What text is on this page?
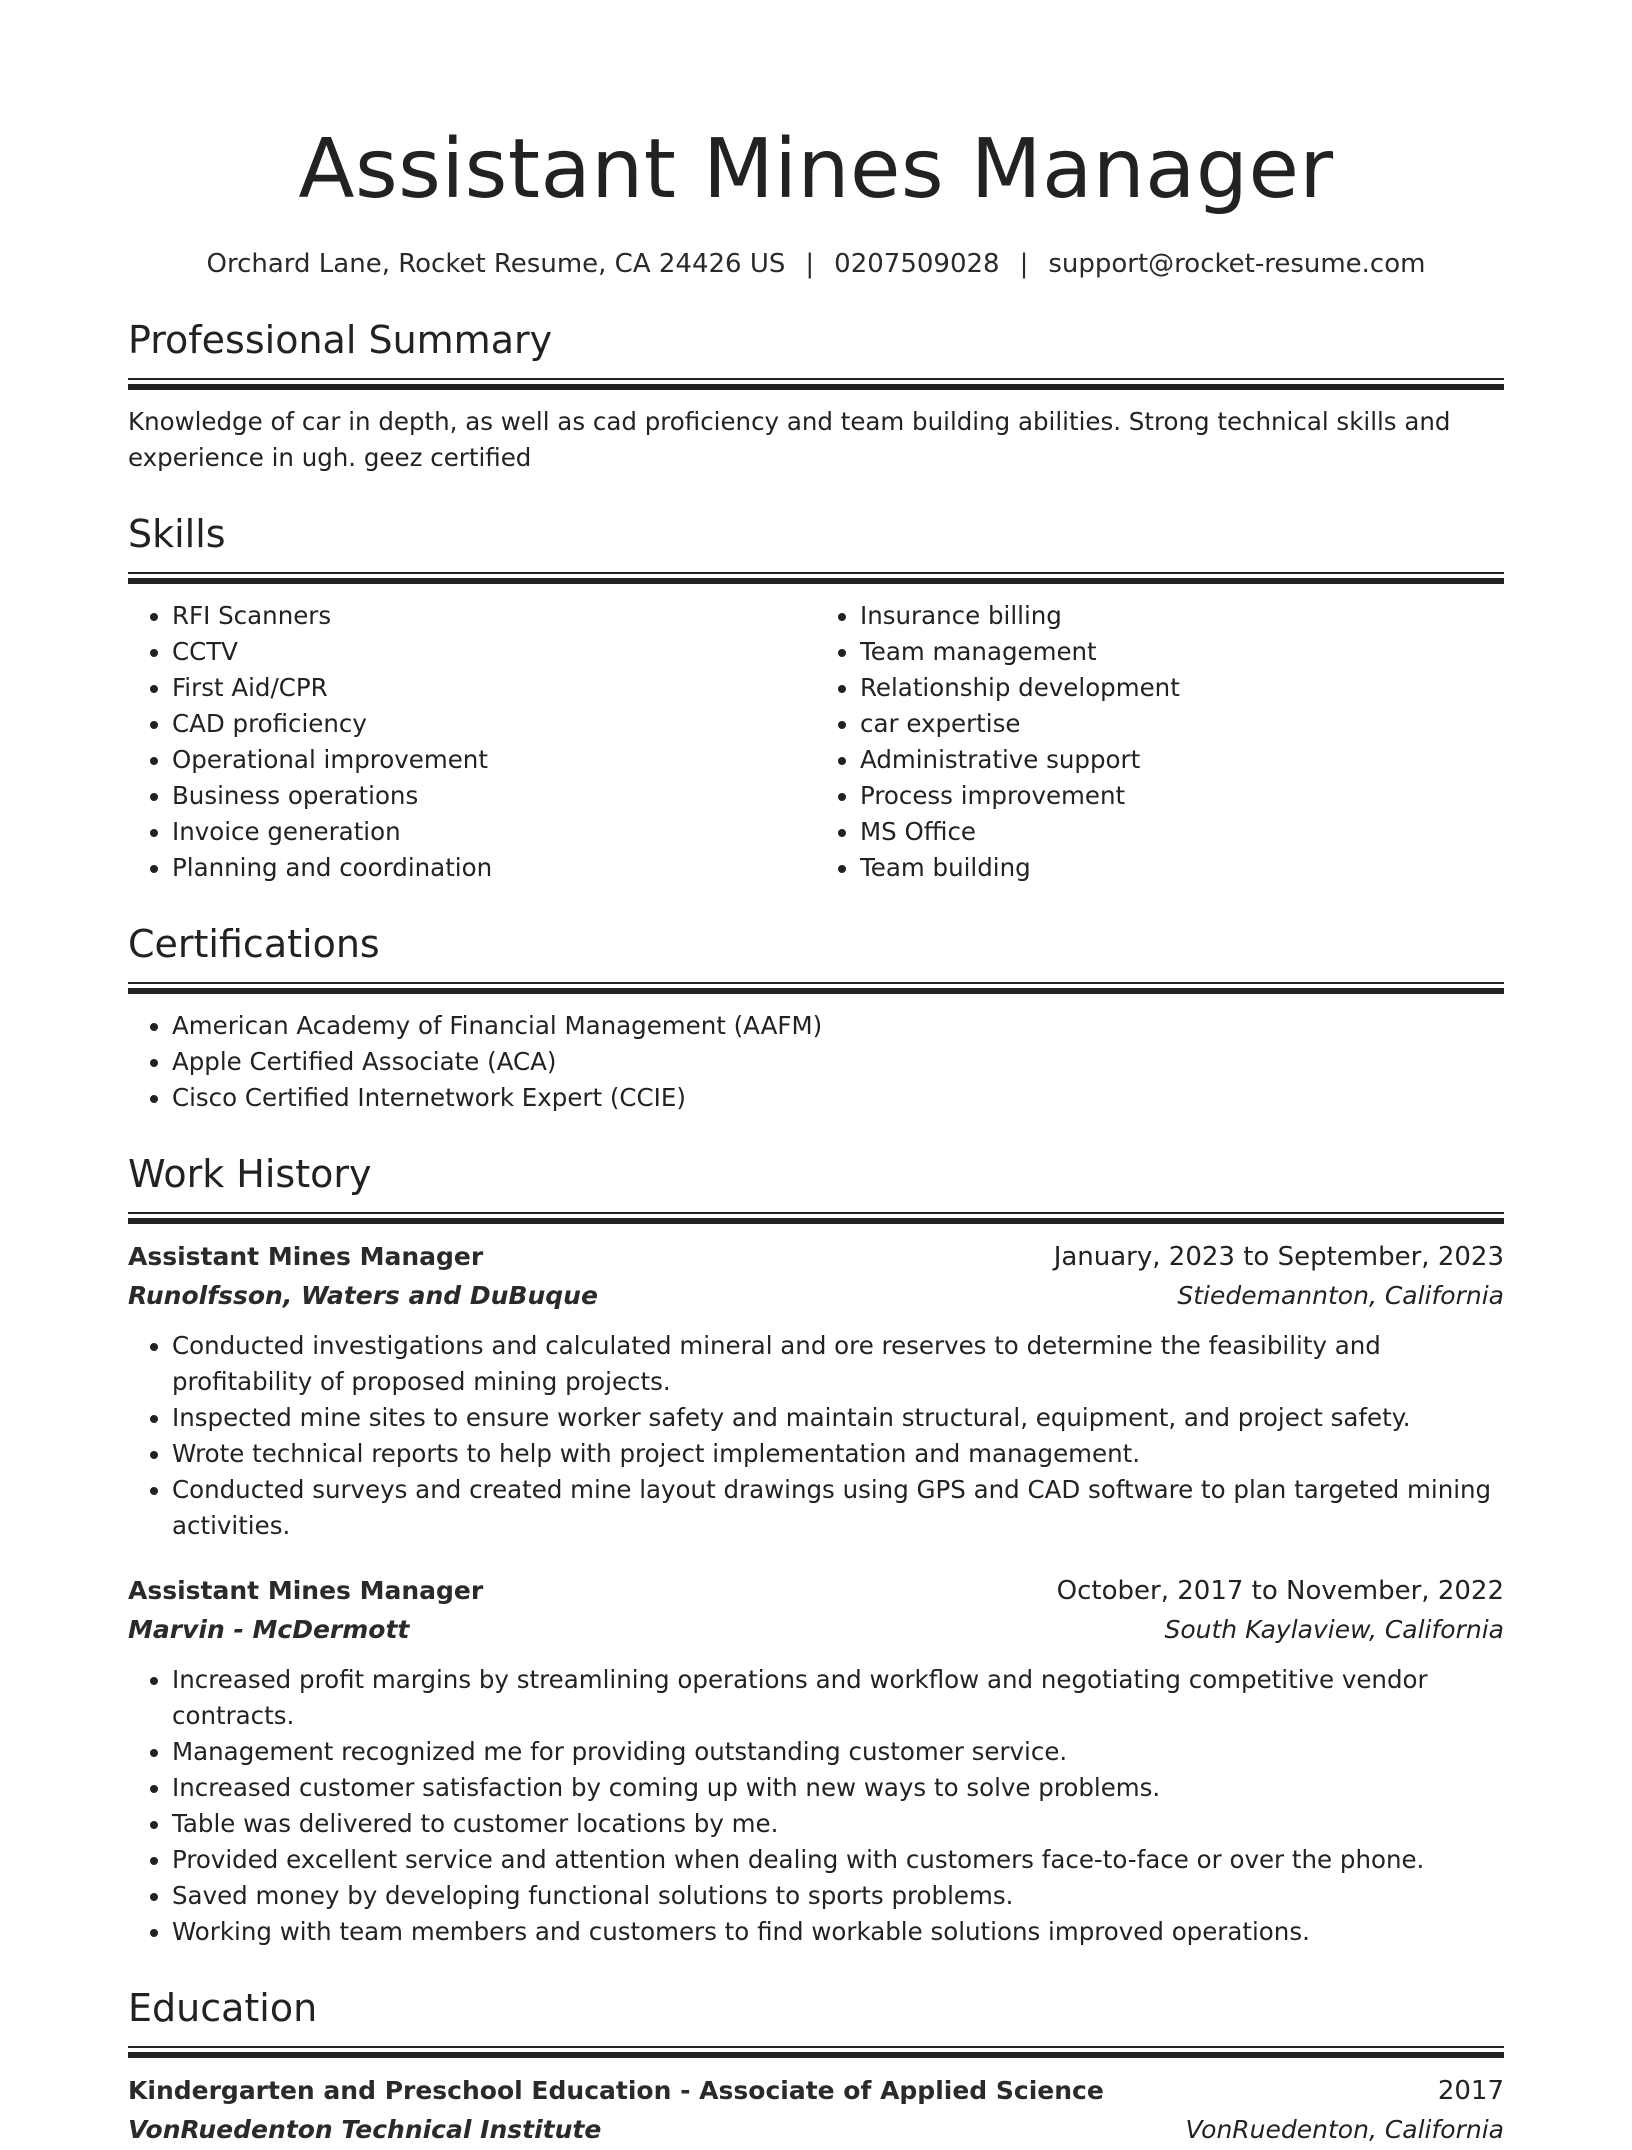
Assistant Mines Manager
Orchard Lane, Rocket Resume, CA 24426 US | 0207509028 | support@rocket-resume.com
Professional Summary

Knowledge of car in depth, as well as cad proficiency and team building abilities. Strong technical skills and experience in ugh. geez certified

Skills
• RFI Scanners
• CCTV
• First Aid/CPR
• CAD proficiency
• Operational improvement
• Business operations
• Invoice generation
• Planning and coordination
• Insurance billing
• Team management
• Relationship development
• car expertise
• Administrative support
• Process improvement
• MS Office
• Team building
Certifications
• American Academy of Financial Management (AAFM)
• Apple Certified Associate (ACA)
• Cisco Certified Internetwork Expert (CCIE)
Work History
Assistant Mines Manager	January, 2023 to September, 2023
Runolfsson, Waters and DuBuque	Stiedemannton, California
• Conducted investigations and calculated mineral and ore reserves to determine the feasibility and profitability of proposed mining projects.
• Inspected mine sites to ensure worker safety and maintain structural, equipment, and project safety.
• Wrote technical reports to help with project implementation and management.
• Conducted surveys and created mine layout drawings using GPS and CAD software to plan targeted mining activities.
Assistant Mines Manager	October, 2017 to November, 2022
Marvin - McDermott	South Kaylaview, California
• Increased profit margins by streamlining operations and workflow and negotiating competitive vendor contracts.
• Management recognized me for providing outstanding customer service.
• Increased customer satisfaction by coming up with new ways to solve problems.
• Table was delivered to customer locations by me.
• Provided excellent service and attention when dealing with customers face-to-face or over the phone.
• Saved money by developing functional solutions to sports problems.
• Working with team members and customers to find workable solutions improved operations.
Education
Kindergarten and Preschool Education - Associate of Applied Science	2017
VonRuedenton Technical Institute	VonRuedenton, California
